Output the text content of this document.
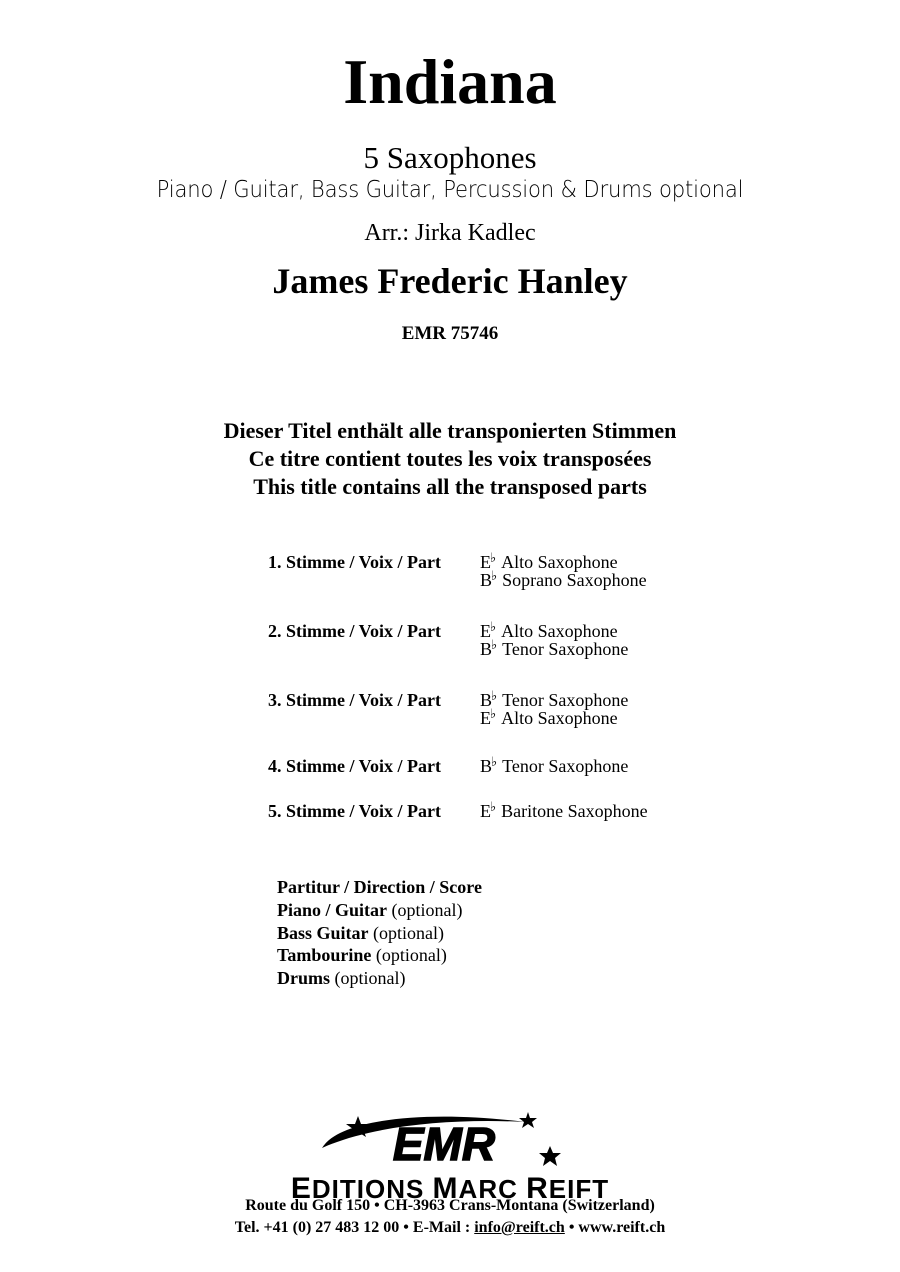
Indiana
5 Saxophones
Piano / Guitar, Bass Guitar, Percussion & Drums optional
Arr.: Jirka Kadlec
James Frederic Hanley
EMR 75746
Dieser Titel enthält alle transponierten Stimmen
Ce titre contient toutes les voix transposées
This title contains all the transposed parts
1. Stimme / Voix / Part E♭ Alto Saxophone
B♭ Soprano Saxophone
2. Stimme / Voix / Part E♭ Alto Saxophone
B♭ Tenor Saxophone
3. Stimme / Voix / Part B♭ Tenor Saxophone
E♭ Alto Saxophone
4. Stimme / Voix / Part B♭ Tenor Saxophone
5. Stimme / Voix / Part E♭ Baritone Saxophone
Partitur / Direction / Score
Piano / Guitar (optional)
Bass Guitar (optional)
Tambourine (optional)
Drums (optional)
EMR
EDITIONS MARC REIFT
Route du Golf 150 • CH-3963 Crans-Montana (Switzerland)
Tel. +41 (0) 27 483 12 00 • E-Mail : info@reift.ch • www.reift.ch
